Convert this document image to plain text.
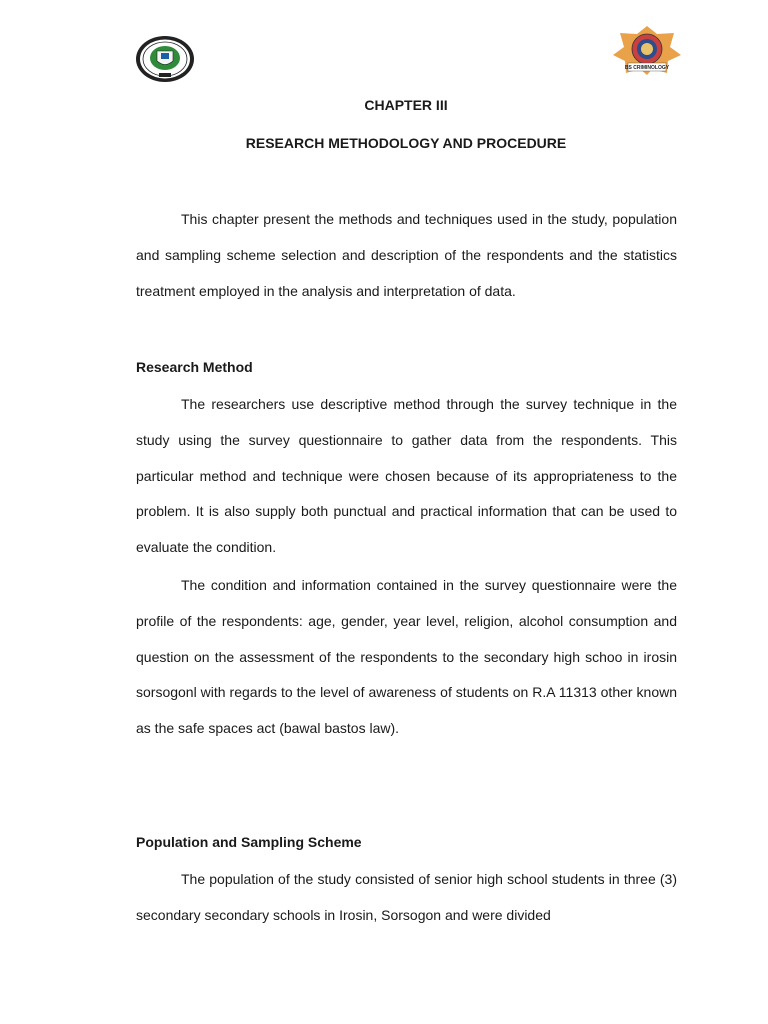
BS CRIMINOLOGY
CHAPTER III
RESEARCH METHODOLOGY AND PROCEDURE

This chapter present the methods and techniques used in the study, population and sampling scheme selection and description of the respondents and the statistics treatment employed in the analysis and interpretation of data.

Research Method

The researchers use descriptive method through the survey technique in the study using the survey questionnaire to gather data from the respondents. This particular method and technique were chosen because of its appropriateness to the problem. It is also supply both punctual and practical information that can be used to evaluate the condition.

The condition and information contained in the survey questionnaire were the profile of the respondents: age, gender, year level, religion, alcohol consumption and question on the assessment of the respondents to the secondary high schoo in irosin sorsogonl with regards to the level of awareness of students on R.A 11313 other known as the safe spaces act (bawal bastos law).

Population and Sampling Scheme

The population of the study consisted of senior high school students in three (3) secondary secondary schools in Irosin, Sorsogon and were divided
